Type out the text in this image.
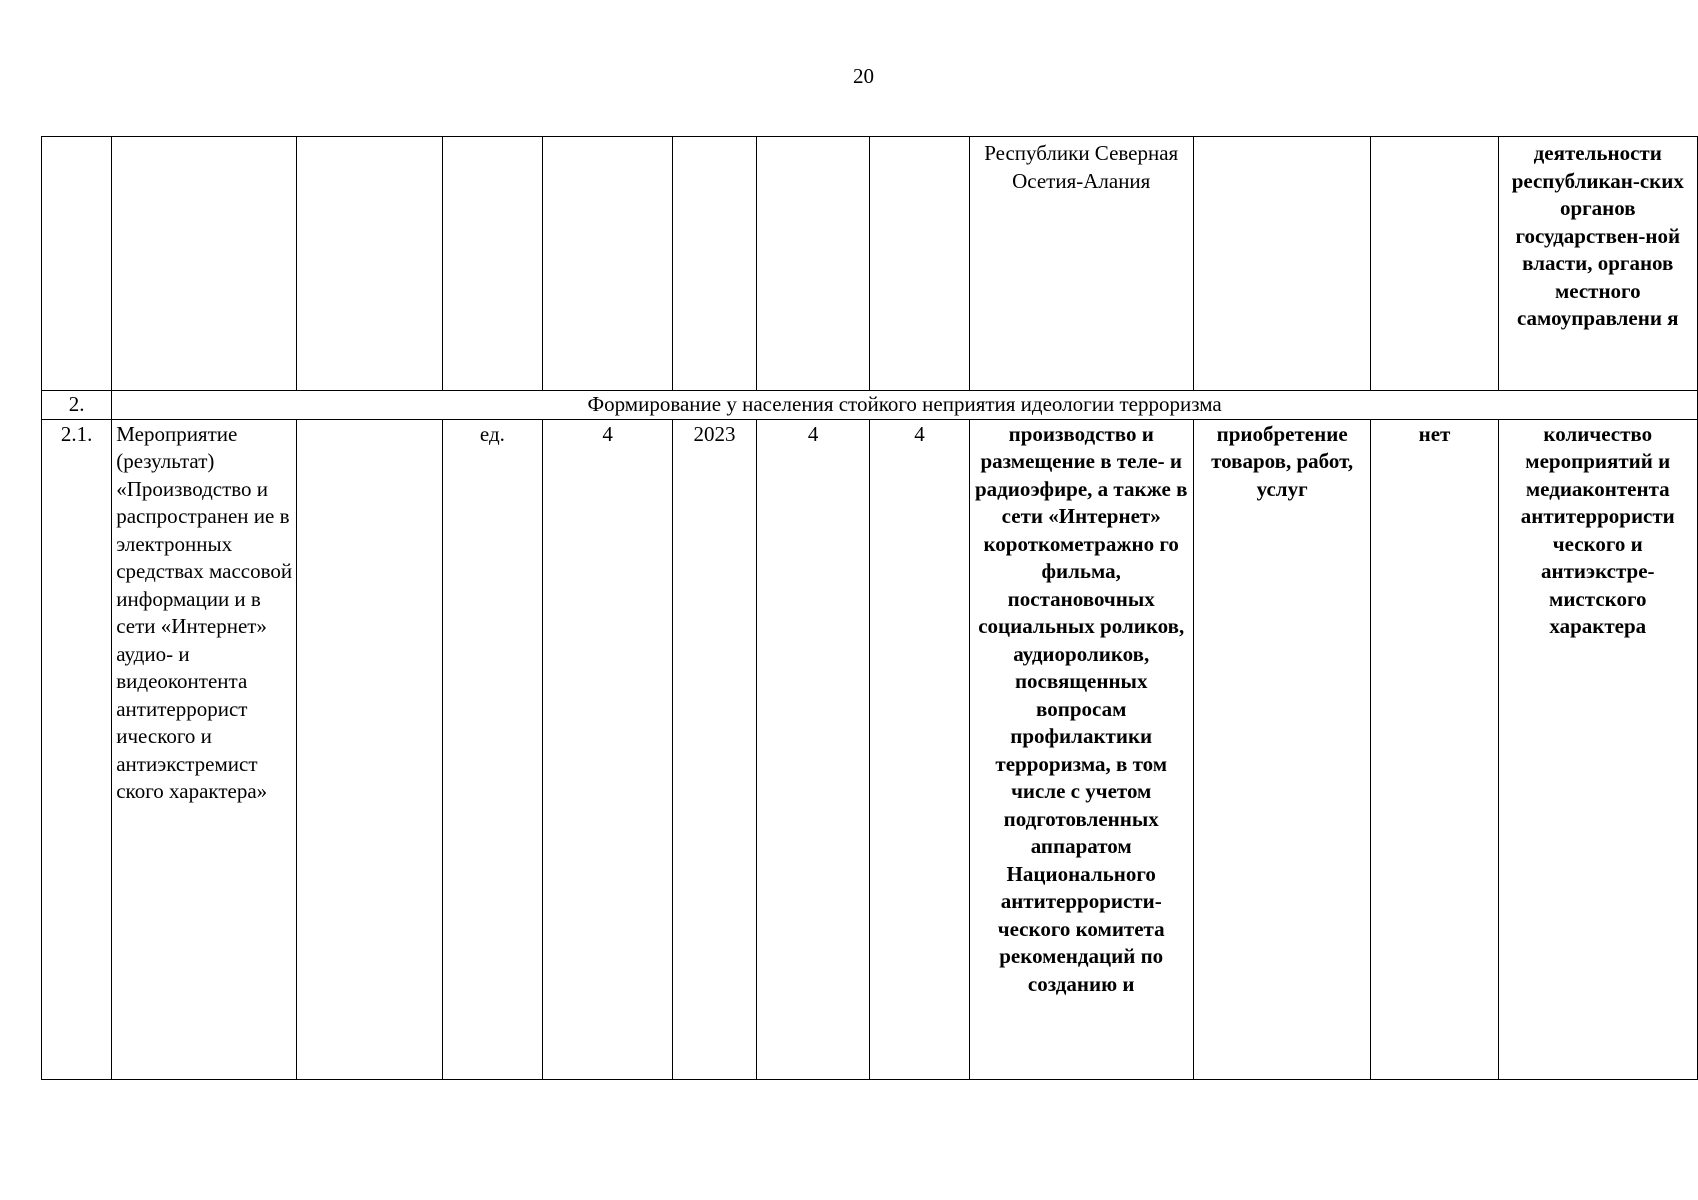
20
								Республики Северная Осетия-Алания			деятельности республикан-ских органов государствен-ной власти, органов местного самоуправлени я

2.	Формирование у населения стойкого неприятия идеологии терроризма										
2.1.	Мероприятие (результат) «Производство и распространен ие в электронных средствах массовой информации и в сети «Интернет» аудио- и видеоконтента антитеррорист ического и антиэкстремист ского характера»		ед.	4	2023	4	4	производство и размещение в теле- и радиоэфире, а также в сети «Интернет» короткометражно го фильма, постановочных социальных роликов, аудиороликов, посвященных вопросам профилактики терроризма, в том числе с учетом подготовленных аппаратом Национального антитеррористи-ческого комитета рекомендаций по созданию и	приобретение товаров, работ, услуг	нет	количество мероприятий и медиаконтента антитеррористи ческого и антиэкстре-мистского характера
